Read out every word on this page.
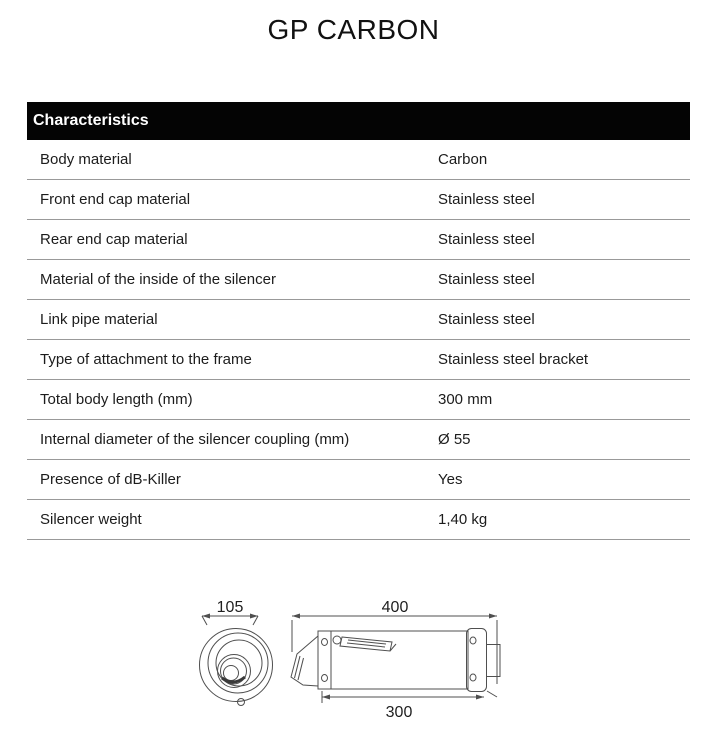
GP CARBON
Characteristics
Body material	Carbon
Front end cap material	Stainless steel
Rear end cap material	Stainless steel
Material of the inside of the silencer	Stainless steel
Link pipe material	Stainless steel
Type of attachment to the frame	Stainless steel bracket
Total body length (mm)	300 mm
Internal diameter of the silencer coupling (mm)	Ø 55
Presence of dB-Killer	Yes
Silencer weight	1,40 kg
105	400
300
